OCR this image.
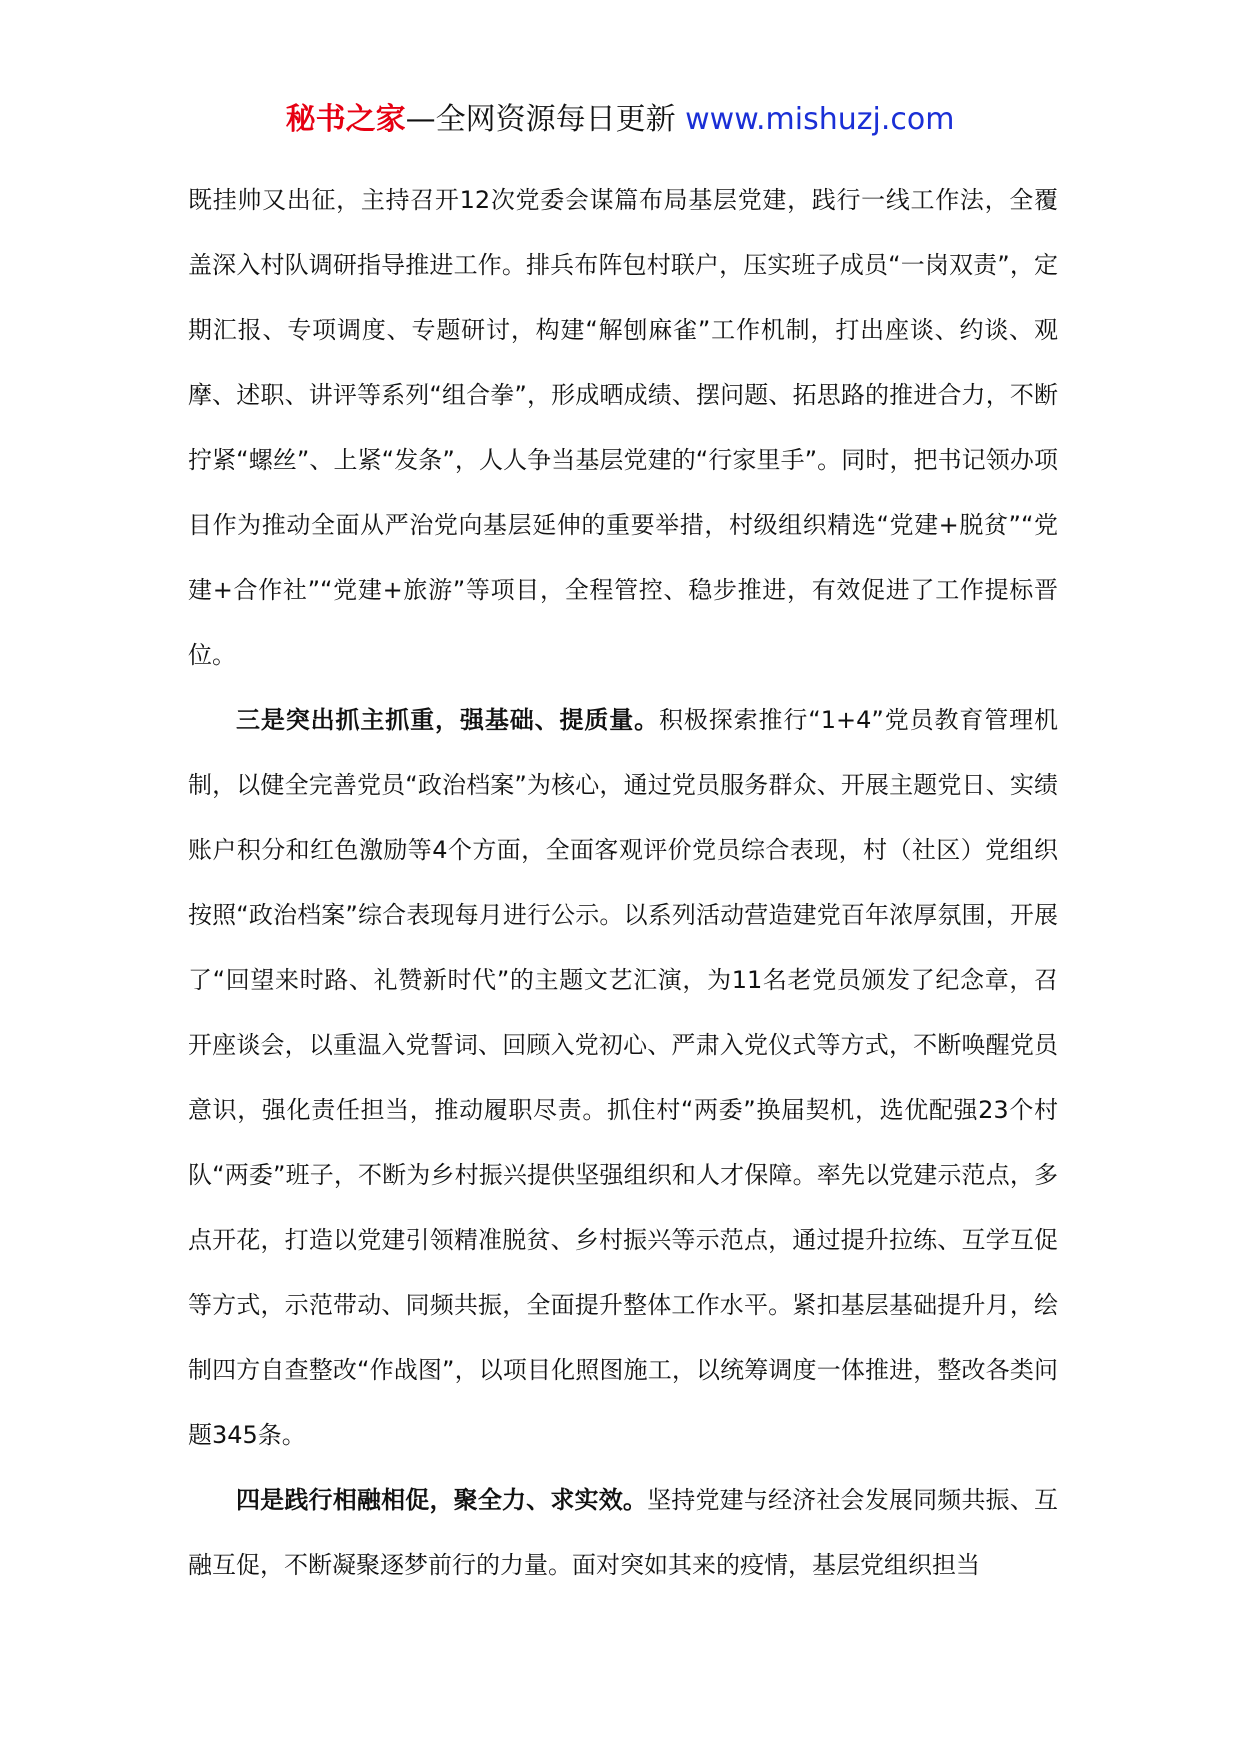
秘书之家—全网资源每日更新 www.mishuzj.com

既挂帅又出征，主持召开12次党委会谋篇布局基层党建，践行一线工作法，全覆盖深入村队调研指导推进工作。排兵布阵包村联户，压实班子成员“一岗双责”，定期汇报、专项调度、专题研讨，构建“解刨麻雀”工作机制，打出座谈、约谈、观摩、述职、讲评等系列“组合拳”，形成晒成绩、摆问题、拓思路的推进合力，不断拧紧“螺丝”、上紧“发条”，人人争当基层党建的“行家里手”。同时，把书记领办项目作为推动全面从严治党向基层延伸的重要举措，村级组织精选“党建+脱贫”“党建+合作社”“党建+旅游”等项目，全程管控、稳步推进，有效促进了工作提标晋位。

三是突出抓主抓重，强基础、提质量。积极探索推行“1+4”党员教育管理机制，以健全完善党员“政治档案”为核心，通过党员服务群众、开展主题党日、实绩账户积分和红色激励等4个方面，全面客观评价党员综合表现，村（社区）党组织按照“政治档案”综合表现每月进行公示。以系列活动营造建党百年浓厚氛围，开展了“回望来时路、礼赞新时代”的主题文艺汇演，为11名老党员颁发了纪念章，召开座谈会，以重温入党誓词、回顾入党初心、严肃入党仪式等方式，不断唤醒党员意识，强化责任担当，推动履职尽责。抓住村“两委”换届契机，选优配强23个村队“两委”班子，不断为乡村振兴提供坚强组织和人才保障。率先以党建示范点，多点开花，打造以党建引领精准脱贫、乡村振兴等示范点，通过提升拉练、互学互促等方式，示范带动、同频共振，全面提升整体工作水平。紧扣基层基础提升月，绘制四方自查整改“作战图”，以项目化照图施工，以统筹调度一体推进，整改各类问题345条。

四是践行相融相促，聚全力、求实效。坚持党建与经济社会发展同频共振、互融互促，不断凝聚逐梦前行的力量。面对突如其来的疫情，基层党组织担当
